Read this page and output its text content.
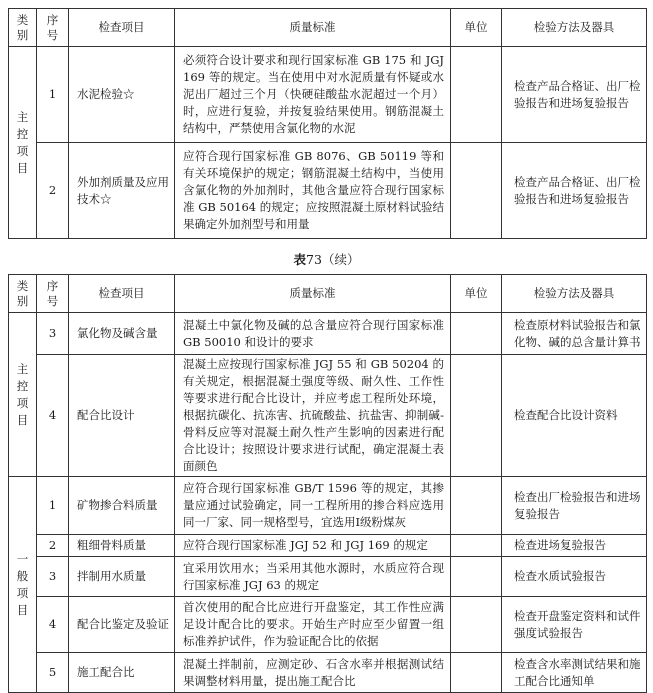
类
别	序
号	检查项目	质量标准	单位	检验方法及器具

主
控
项
目	1	水泥检验☆	必须符合设计要求和现行国家标准 GB 175 和 JGJ 169 等的规定。当在使用中对水泥质量有怀疑或水泥出厂超过三个月（快硬硅酸盐水泥超过一个月）时，应进行复验，并按复验结果使用。钢筋混凝土结构中，严禁使用含氯化物的水泥		检查产品合格证、出厂检验报告和进场复验报告
	2	外加剂质量及应用技术☆	应符合现行国家标准 GB 8076、GB 50119 等和有关环境保护的规定；钢筋混凝土结构中，当使用含氯化物的外加剂时，其他含量应符合现行国家标准 GB 50164 的规定；应按照混凝土原材料试验结果确定外加剂型号和用量		检查产品合格证、出厂检验报告和进场复验报告
表73（续）
类
别	序
号	检查项目	质量标准	单位	检验方法及器具

主
控
项
目	3	氯化物及碱含量	混凝土中氯化物及碱的总含量应符合现行国家标准 GB 50010 和设计的要求		检查原材料试验报告和氯化物、碱的总含量计算书
	4	配合比设计	混凝土应按现行国家标准 JGJ 55 和 GB 50204 的有关规定，根据混凝土强度等级、耐久性、工作性等要求进行配合比设计，并应考虑工程所处环境，根据抗碳化、抗冻害、抗硫酸盐、抗盐害、抑制碱-骨料反应等对混凝土耐久性产生影响的因素进行配合比设计；按照设计要求进行试配，确定混凝土表面颜色		检查配合比设计资料

一
般
项
目	1	矿物掺合料质量	应符合现行国家标准 GB/T 1596 等的规定，其掺量应通过试验确定，同一工程所用的掺合料应选用同一厂家、同一规格型号，宜选用Ⅰ级粉煤灰		检查出厂检验报告和进场复验报告
	2	粗细骨料质量	应符合现行国家标准 JGJ 52 和 JGJ 169 的规定		检查进场复验报告
	3	拌制用水质量	宜采用饮用水；当采用其他水源时，水质应符合现行国家标准 JGJ 63 的规定		检查水质试验报告
	4	配合比鉴定及验证	首次使用的配合比应进行开盘鉴定，其工作性应满足设计配合比的要求。开始生产时应至少留置一组标准养护试件，作为验证配合比的依据		检查开盘鉴定资料和试件强度试验报告
	5	施工配合比	混凝土拌制前，应测定砂、石含水率并根据测试结果调整材料用量，提出施工配合比		检查含水率测试结果和施工配合比通知单
